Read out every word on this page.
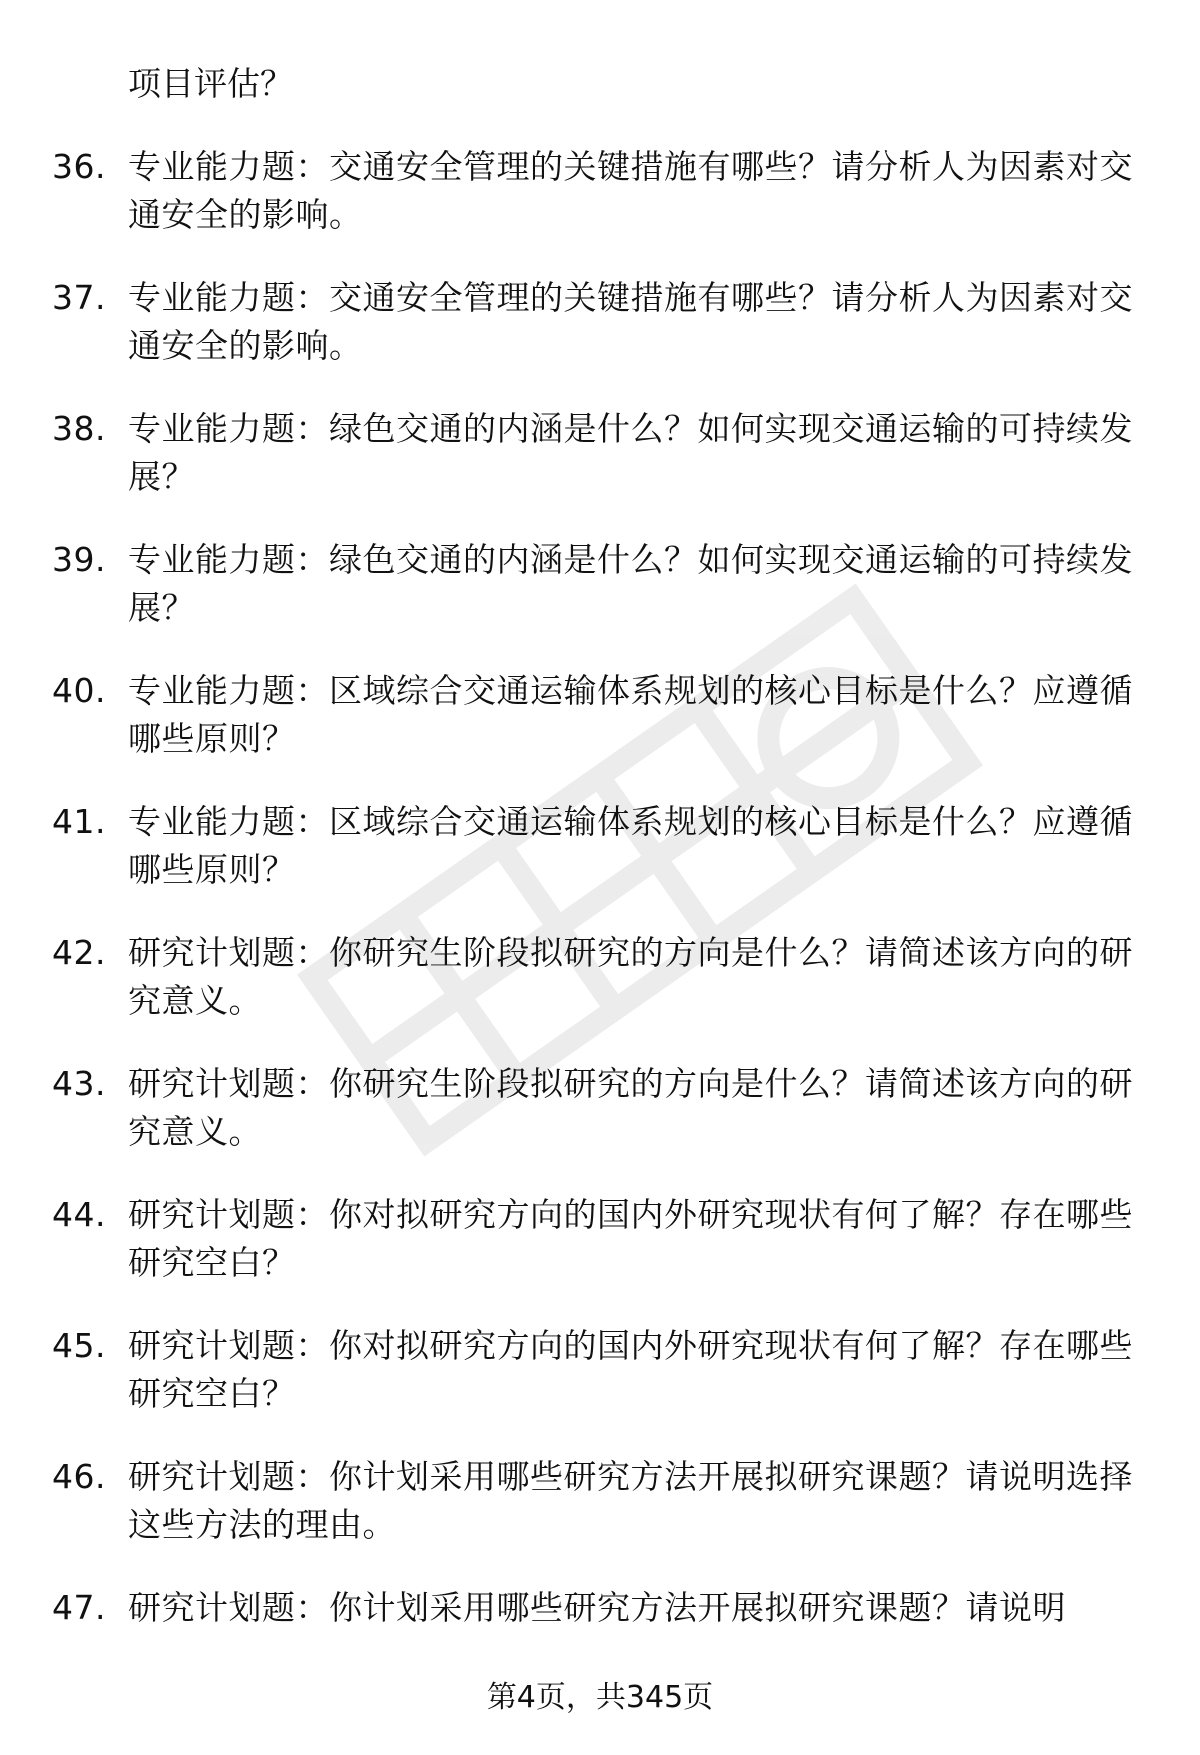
项目评估？
36. 专业能力题：交通安全管理的关键措施有哪些？请分析人为因素对交通安全的影响。
37. 专业能力题：交通安全管理的关键措施有哪些？请分析人为因素对交通安全的影响。
38. 专业能力题：绿色交通的内涵是什么？如何实现交通运输的可持续发展？
39. 专业能力题：绿色交通的内涵是什么？如何实现交通运输的可持续发展？
40. 专业能力题：区域综合交通运输体系规划的核心目标是什么？应遵循哪些原则？
41. 专业能力题：区域综合交通运输体系规划的核心目标是什么？应遵循哪些原则？
42. 研究计划题：你研究生阶段拟研究的方向是什么？请简述该方向的研究意义。
43. 研究计划题：你研究生阶段拟研究的方向是什么？请简述该方向的研究意义。
44. 研究计划题：你对拟研究方向的国内外研究现状有何了解？存在哪些研究空白？
45. 研究计划题：你对拟研究方向的国内外研究现状有何了解？存在哪些研究空白？
46. 研究计划题：你计划采用哪些研究方法开展拟研究课题？请说明选择这些方法的理由。
47. 研究计划题：你计划采用哪些研究方法开展拟研究课题？请说明
第4页，共345页
